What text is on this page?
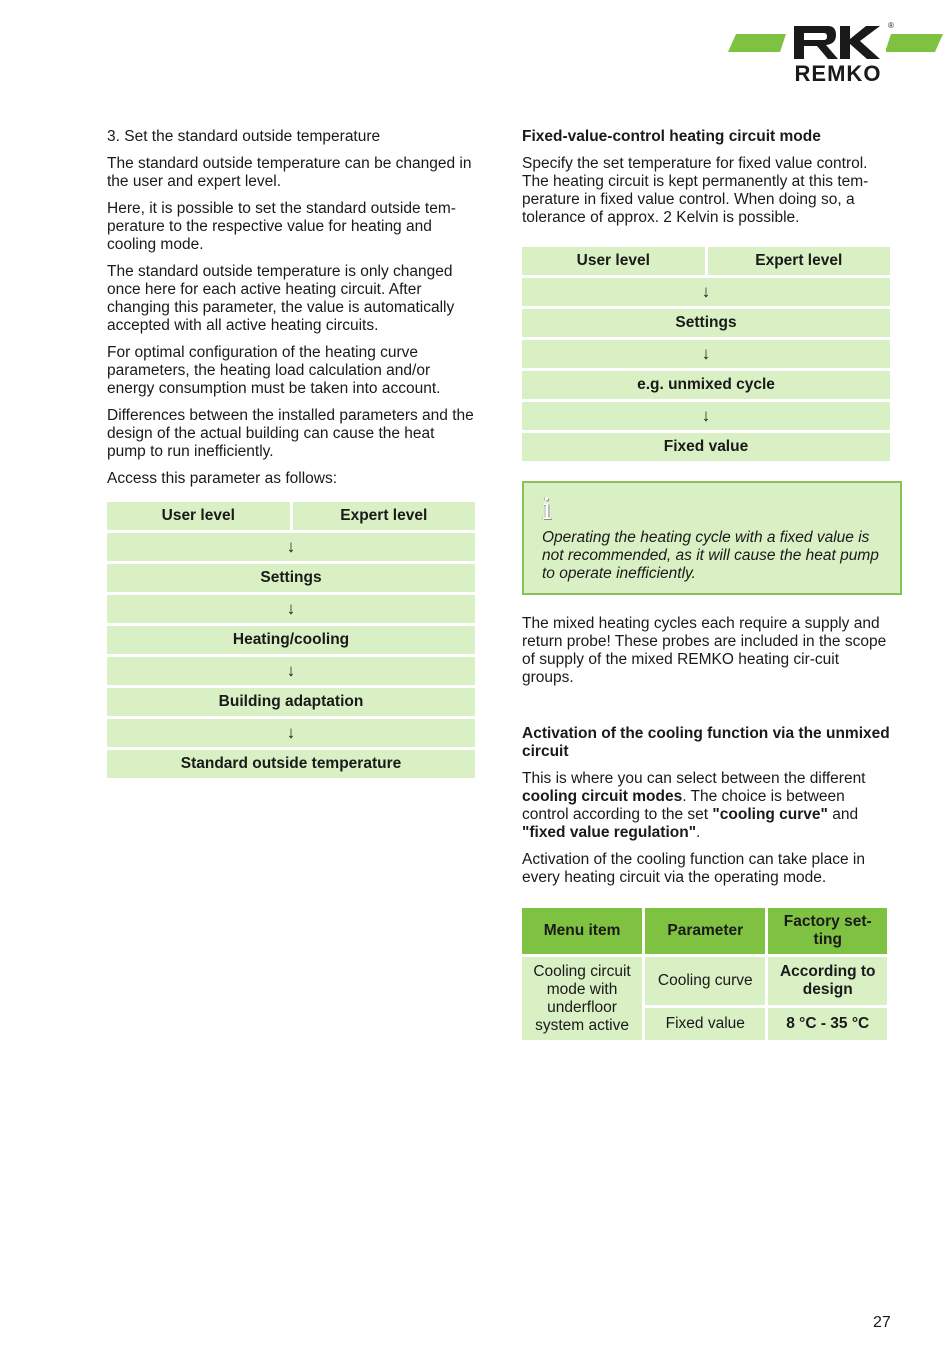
®
REMKO

3. Set the standard outside temperature

The standard outside temperature can be changed in the user and expert level.

Here, it is possible to set the standard outside tem-perature to the respective value for heating and cooling mode.

The standard outside temperature is only changed once here for each active heating circuit. After changing this parameter, the value is automatically accepted with all active heating circuits.

For optimal configuration of the heating curve parameters, the heating load calculation and/or energy consumption must be taken into account.

Differences between the installed parameters and the design of the actual building can cause the heat pump to run inefficiently.

Access this parameter as follows:

User level	Expert level
↓
Settings
↓
Heating/cooling
↓
Building adaptation
↓
Standard outside temperature
Fixed-value-control heating circuit mode

Specify the set temperature for fixed value control. The heating circuit is kept permanently at this tem-perature in fixed value control. When doing so, a tolerance of approx. 2 Kelvin is possible.

User level	Expert level
↓
Settings
↓
e.g. unmixed cycle
↓
Fixed value
i
Operating the heating cycle with a fixed value is not recommended, as it will cause the heat pump to operate inefficiently.

The mixed heating cycles each require a supply and return probe! These probes are included in the scope of supply of the mixed REMKO heating cir-cuit groups.

Activation of the cooling function via the unmixed circuit

This is where you can select between the different cooling circuit modes. The choice is between control according to the set "cooling curve" and "fixed value regulation".

Activation of the cooling function can take place in every heating circuit via the operating mode.

Menu item	Parameter	Factory set-ting
Cooling circuit mode with underfloor system active	Cooling curve	According to design
	Fixed value	8 °C - 35 °C
27
